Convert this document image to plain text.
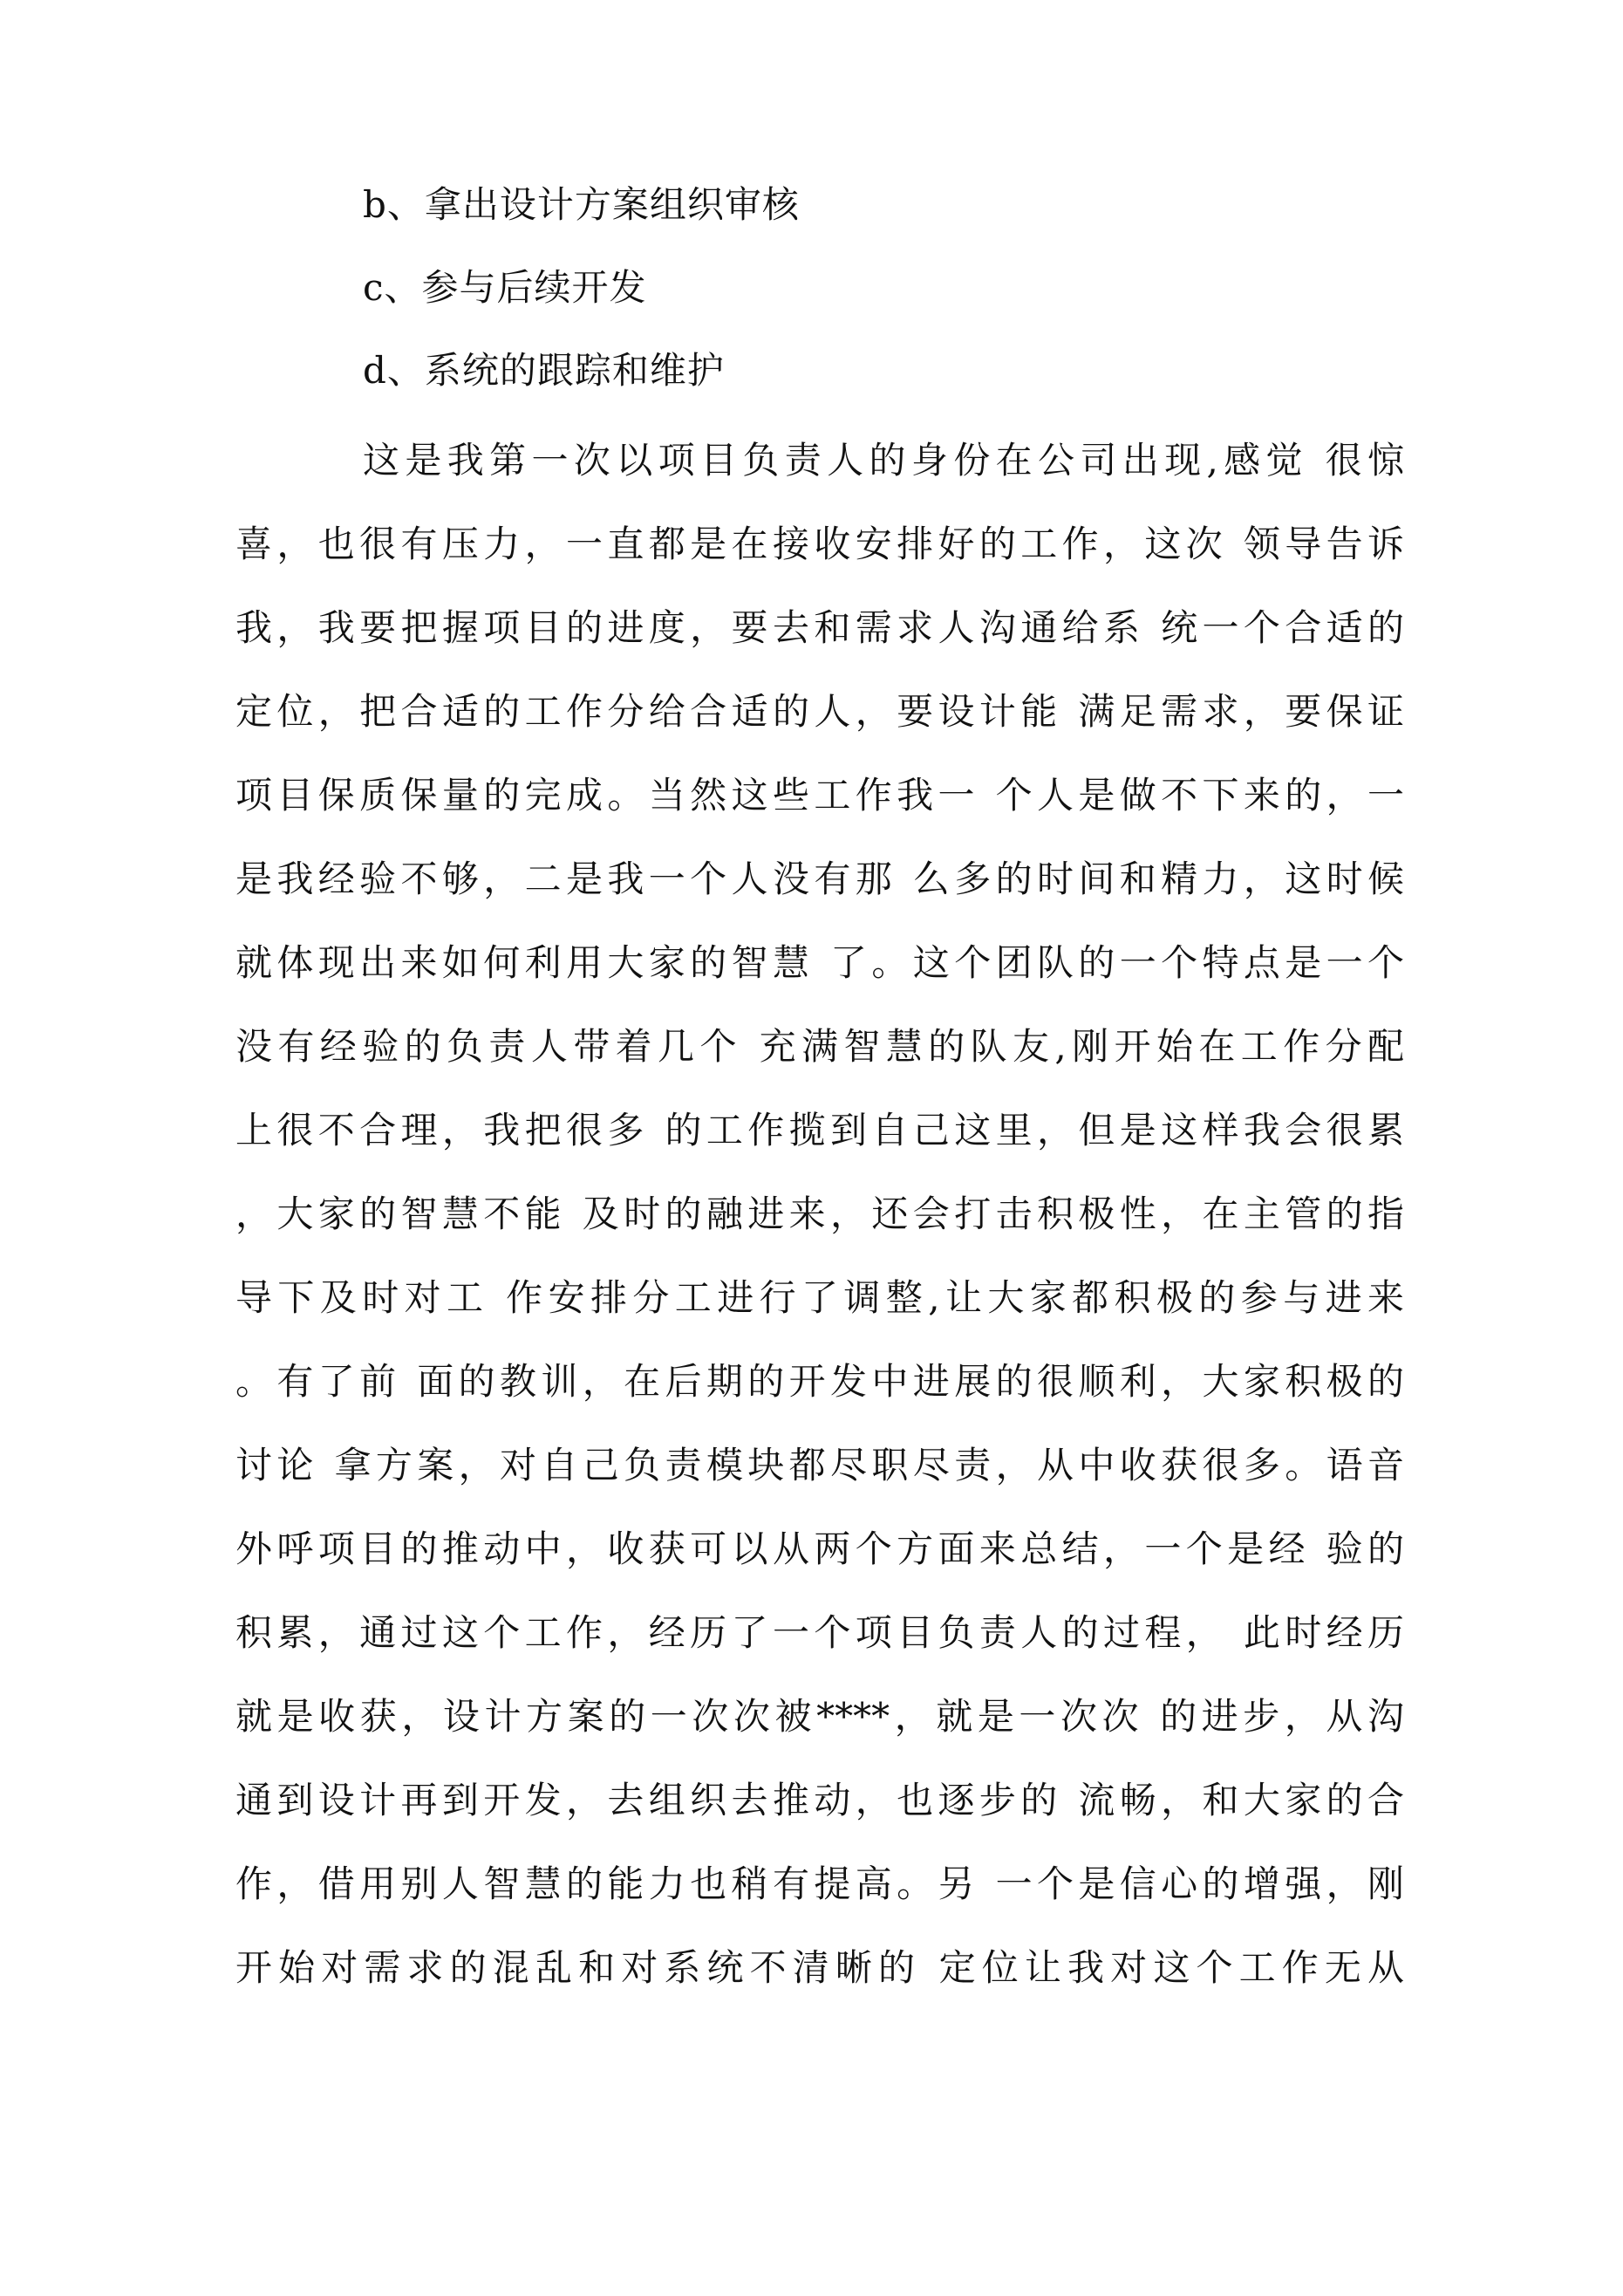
b、拿出设计方案组织审核
c、参与后续开发
d、系统的跟踪和维护
这是我第一次以项目负责人的身份在公司出现,感觉 很惊
喜，也很有压力，一直都是在接收安排好的工作，这次 领导告诉
我，我要把握项目的进度，要去和需求人沟通给系 统一个合适的
定位，把合适的工作分给合适的人，要设计能 满足需求，要保证
项目保质保量的完成。当然这些工作我一 个人是做不下来的，一
是我经验不够，二是我一个人没有那 么多的时间和精力，这时候
就体现出来如何利用大家的智慧 了。这个团队的一个特点是一个
没有经验的负责人带着几个 充满智慧的队友,刚开始在工作分配
上很不合理，我把很多 的工作揽到自己这里，但是这样我会很累
，大家的智慧不能 及时的融进来，还会打击积极性，在主管的指
导下及时对工 作安排分工进行了调整,让大家都积极的参与进来
。有了前 面的教训，在后期的开发中进展的很顺利，大家积极的
讨论 拿方案，对自己负责模块都尽职尽责，从中收获很多。语音
外呼项目的推动中，收获可以从两个方面来总结，一个是经 验的
积累，通过这个工作，经历了一个项目负责人的过程， 此时经历
就是收获，设计方案的一次次被****，就是一次次 的进步，从沟
通到设计再到开发，去组织去推动，也逐步的 流畅，和大家的合
作，借用别人智慧的能力也稍有提高。另 一个是信心的增强，刚
开始对需求的混乱和对系统不清晰的 定位让我对这个工作无从
